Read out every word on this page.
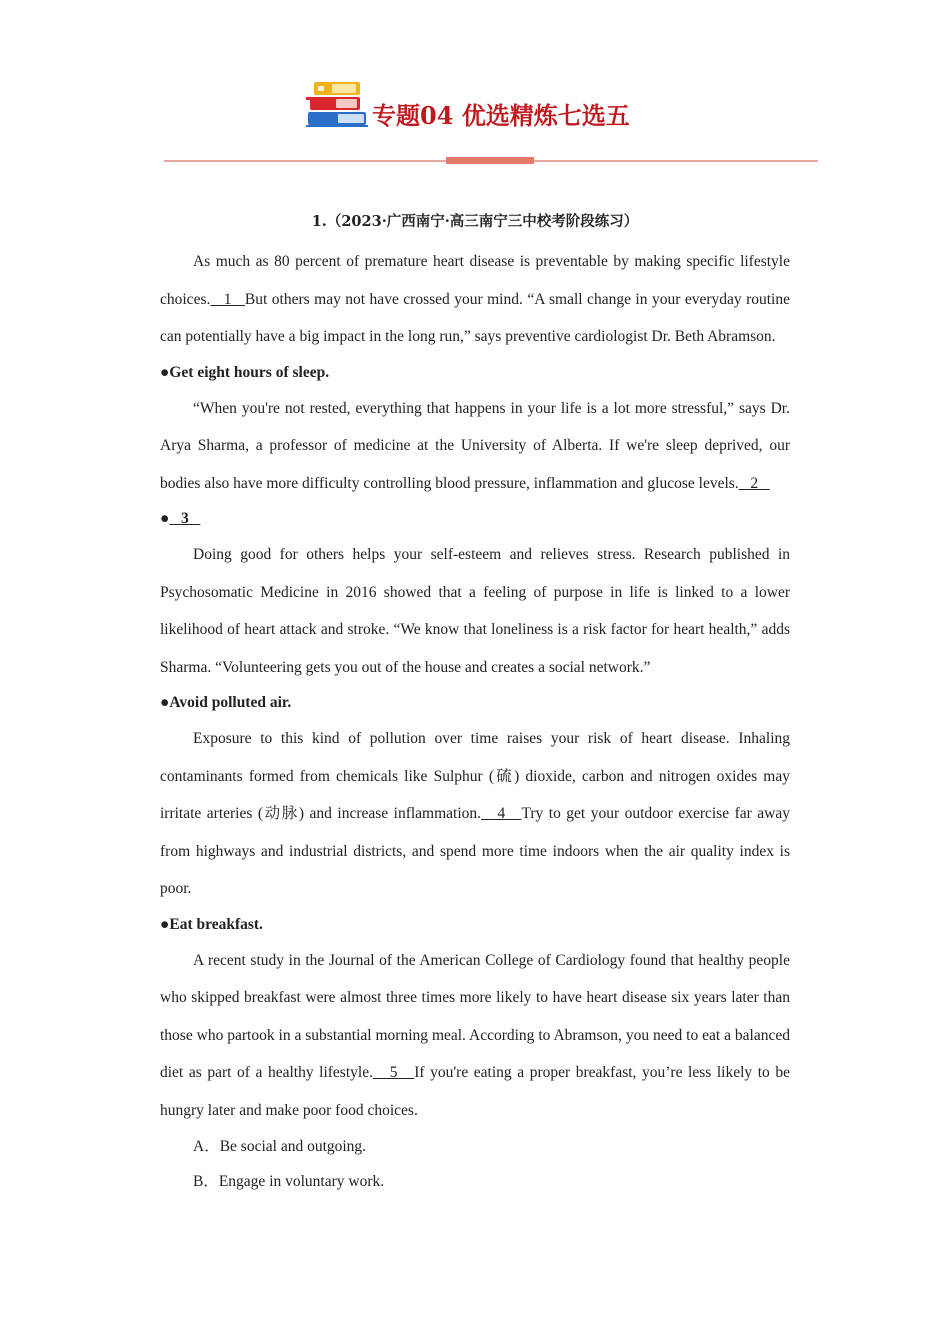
专题04 优选精炼七选五
1.（2023·广西南宁·高三南宁三中校考阶段练习）

As much as 80 percent of premature heart disease is preventable by making specific lifestyle choices.   1   But others may not have crossed your mind. “A small change in your everyday routine can potentially have a big impact in the long run,” says preventive cardiologist Dr. Beth Abramson.

●Get eight hours of sleep.

“When you're not rested, everything that happens in your life is a lot more stressful,” says Dr. Arya Sharma, a professor of medicine at the University of Alberta. If we're sleep deprived, our bodies also have more difficulty controlling blood pressure, inflammation and glucose levels.   2

●   3

Doing good for others helps your self-esteem and relieves stress. Research published in Psychosomatic Medicine in 2016 showed that a feeling of purpose in life is linked to a lower likelihood of heart attack and stroke. “We know that loneliness is a risk factor for heart health,” adds Sharma. “Volunteering gets you out of the house and creates a social network.”

●Avoid polluted air.

Exposure to this kind of pollution over time raises your risk of heart disease. Inhaling contaminants formed from chemicals like Sulphur (硫) dioxide, carbon and nitrogen oxides may irritate arteries (动脉) and increase inflammation.   4   Try to get your outdoor exercise far away from highways and industrial districts, and spend more time indoors when the air quality index is poor.

●Eat breakfast.

A recent study in the Journal of the American College of Cardiology found that healthy people who skipped breakfast were almost three times more likely to have heart disease six years later than those who partook in a substantial morning meal. According to Abramson, you need to eat a balanced diet as part of a healthy lifestyle.   5   If you're eating a proper breakfast, you’re less likely to be hungry later and make poor food choices.

A．Be social and outgoing.

B．Engage in voluntary work.
